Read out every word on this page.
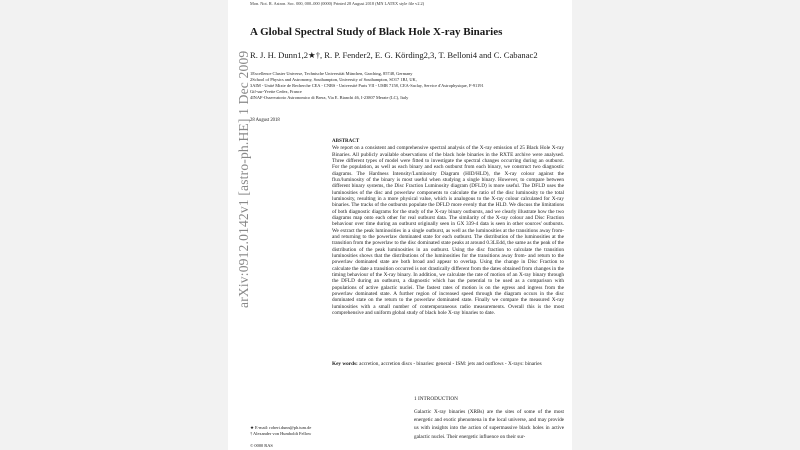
Mon. Not. R. Astron. Soc. 000, 000–000 (0000) Printed 28 August 2018 (MN LATEX style file v2.2)
A Global Spectral Study of Black Hole X-ray Binaries
R. J. H. Dunn1,2★†, R. P. Fender2, E. G. Körding2,3, T. Belloni4 and C. Cabanac2
1Excellence Cluster Universe, Technische Universität München, Garching, 85748, Germany
2School of Physics and Astronomy, Southampton, University of Southampton, SO17 1BJ, UK,
3AIM - Unité Mixte de Recherche CEA - CNRS - Université Paris VII - UMR 7158, CEA-Saclay, Service d'Astrophysique, F-91191
Gif-sur-Yvette Cedex, France
4INAF-Osservatorio Astronomico di Brera, Via E. Bianchi 46, I-23807 Merate (LC), Italy
28 August 2018
ABSTRACT
We report on a consistent and comprehensive spectral analysis of the X-ray emission of 25 Black Hole X-ray Binaries. All publicly available observations of the black hole binaries in the RXTE archive were analysed. Three different types of model were fitted to investigate the spectral changes occurring during an outburst. For the population, as well as each binary and each outburst from each binary, we construct two diagnostic diagrams. The Hardness Intensity/Luminosity Diagram (HID/HLD), the X-ray colour against the flux/luminosity of the binary is most useful when studying a single binary. However, to compare between different binary systems, the Disc Fraction Luminosity diagram (DFLD) is more useful. The DFLD uses the luminosities of the disc and powerlaw components to calculate the ratio of the disc luminosity to the total luminosity, resulting in a more physical value, which is analogous to the X-ray colour calculated for X-ray binaries. The tracks of the outbursts populate the DFLD more evenly that the HLD. We discuss the limitations of both diagnostic diagrams for the study of the X-ray binary outbursts, and we clearly illustrate how the two diagrams map onto each other for real outburst data. The similarity of the X-ray colour and Disc Fraction behaviour over time during an outburst originally seen in GX 339-4 data is seen in other sources' outbursts. We extract the peak luminosities in a single outburst, as well as the luminosities at the transitions away from- and returning to the powerlaw dominated state for each outburst. The distribution of the luminosities at the transition from the powerlaw to the disc dominated state peaks at around 0.3LEdd, the same as the peak of the distribution of the peak luminosities in an outburst. Using the disc fraction to calculate the transition luminosities shows that the distributions of the luminosities for the transitions away from- and return to the powerlaw dominated state are both broad and appear to overlap. Using the change in Disc Fraction to calculate the date a transition occurred is not drastically different from the dates obtained from changes in the timing behaviour of the X-ray binary. In addition, we calculate the rate of motion of an X-ray binary through the DFLD during an outburst, a diagnostic which has the potential to be used as a comparison with populations of active galactic nuclei. The fastest rates of motion is on the egress and ingress from the powerlaw dominated state. A further region of increased speed through the diagram occurs in the disc dominated state on the return to the powerlaw dominated state. Finally we compare the measured X-ray luminosities with a small number of contemporaneous radio measurements. Overall this is the most comprehensive and uniform global study of black hole X-ray binaries to date.
Key words: accretion, accretion discs - binaries: general - ISM: jets and outflows - X-rays: binaries
1 INTRODUCTION
Galactic X-ray binaries (XRBs) are the sites of some of the most energetic and exotic phenomena in the local universe, and may provide us with insights into the action of supermassive black holes in active galactic nuclei. Their energetic influence on their sur-
★ E-mail: robert.dunn@ph.tum.de
† Alexander von Humboldt Fellow
© 0000 RAS
arXiv:0912.0142v1 [astro-ph.HE] 1 Dec 2009
